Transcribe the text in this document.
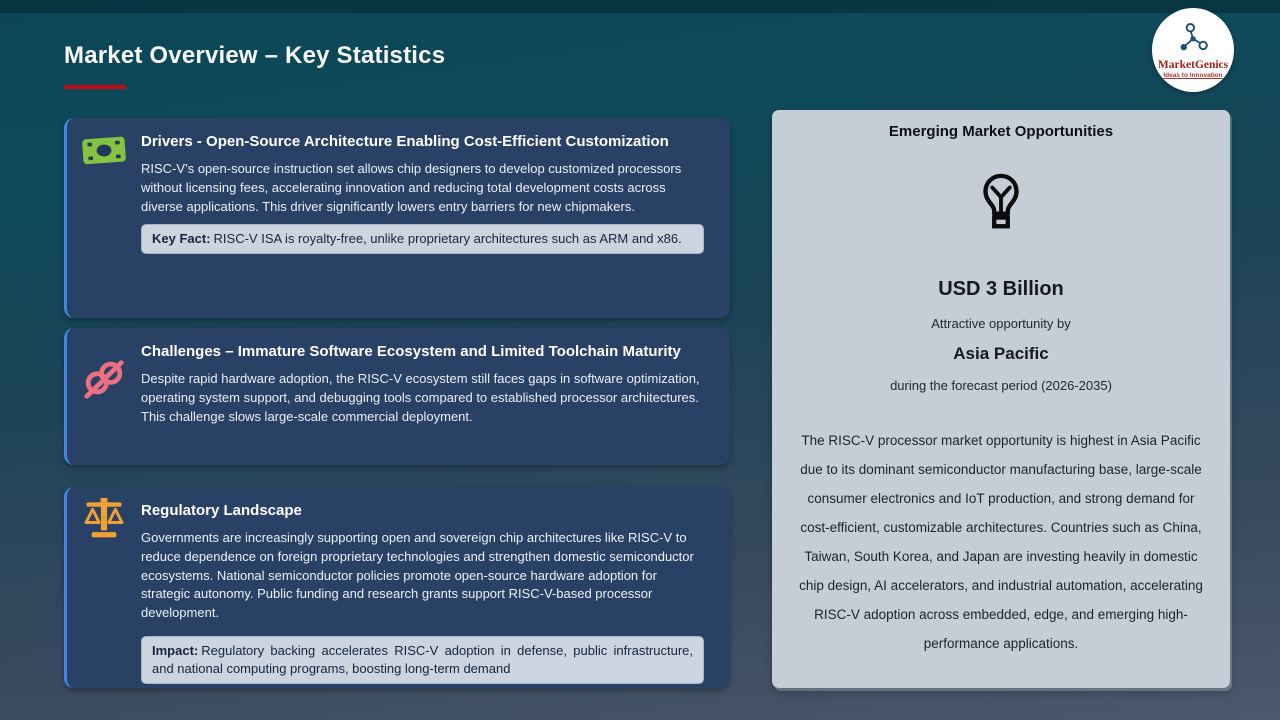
Market Overview – Key Statistics	MarketGenics
Ideas to Innovation
Drivers - Open-Source Architecture Enabling Cost-Efficient Customization
RISC-V’s open-source instruction set allows chip designers to develop customized processors without licensing fees, accelerating innovation and reducing total development costs across diverse applications. This driver significantly lowers entry barriers for new chipmakers.

Key Fact: RISC-V ISA is royalty-free, unlike proprietary architectures such as ARM and x86.

Challenges – Immature Software Ecosystem and Limited Toolchain Maturity
Despite rapid hardware adoption, the RISC-V ecosystem still faces gaps in software optimization, operating system support, and debugging tools compared to established processor architectures. This challenge slows large-scale commercial deployment.
Regulatory Landscape
Governments are increasingly supporting open and sovereign chip architectures like RISC-V to reduce dependence on foreign proprietary technologies and strengthen domestic semiconductor ecosystems. National semiconductor policies promote open-source hardware adoption for strategic autonomy. Public funding and research grants support RISC-V-based processor development.

Impact: Regulatory backing accelerates RISC-V adoption in defense, public infrastructure, and national computing programs, boosting long-term demand

Emerging Market Opportunities
USD 3 Billion
Attractive opportunity by
Asia Pacific
during the forecast period (2026-2035)
The RISC-V processor market opportunity is highest in Asia Pacific due to its dominant semiconductor manufacturing base, large-scale consumer electronics and IoT production, and strong demand for cost-efficient, customizable architectures. Countries such as China, Taiwan, South Korea, and Japan are investing heavily in domestic chip design, AI accelerators, and industrial automation, accelerating RISC-V adoption across embedded, edge, and emerging high-performance applications.
